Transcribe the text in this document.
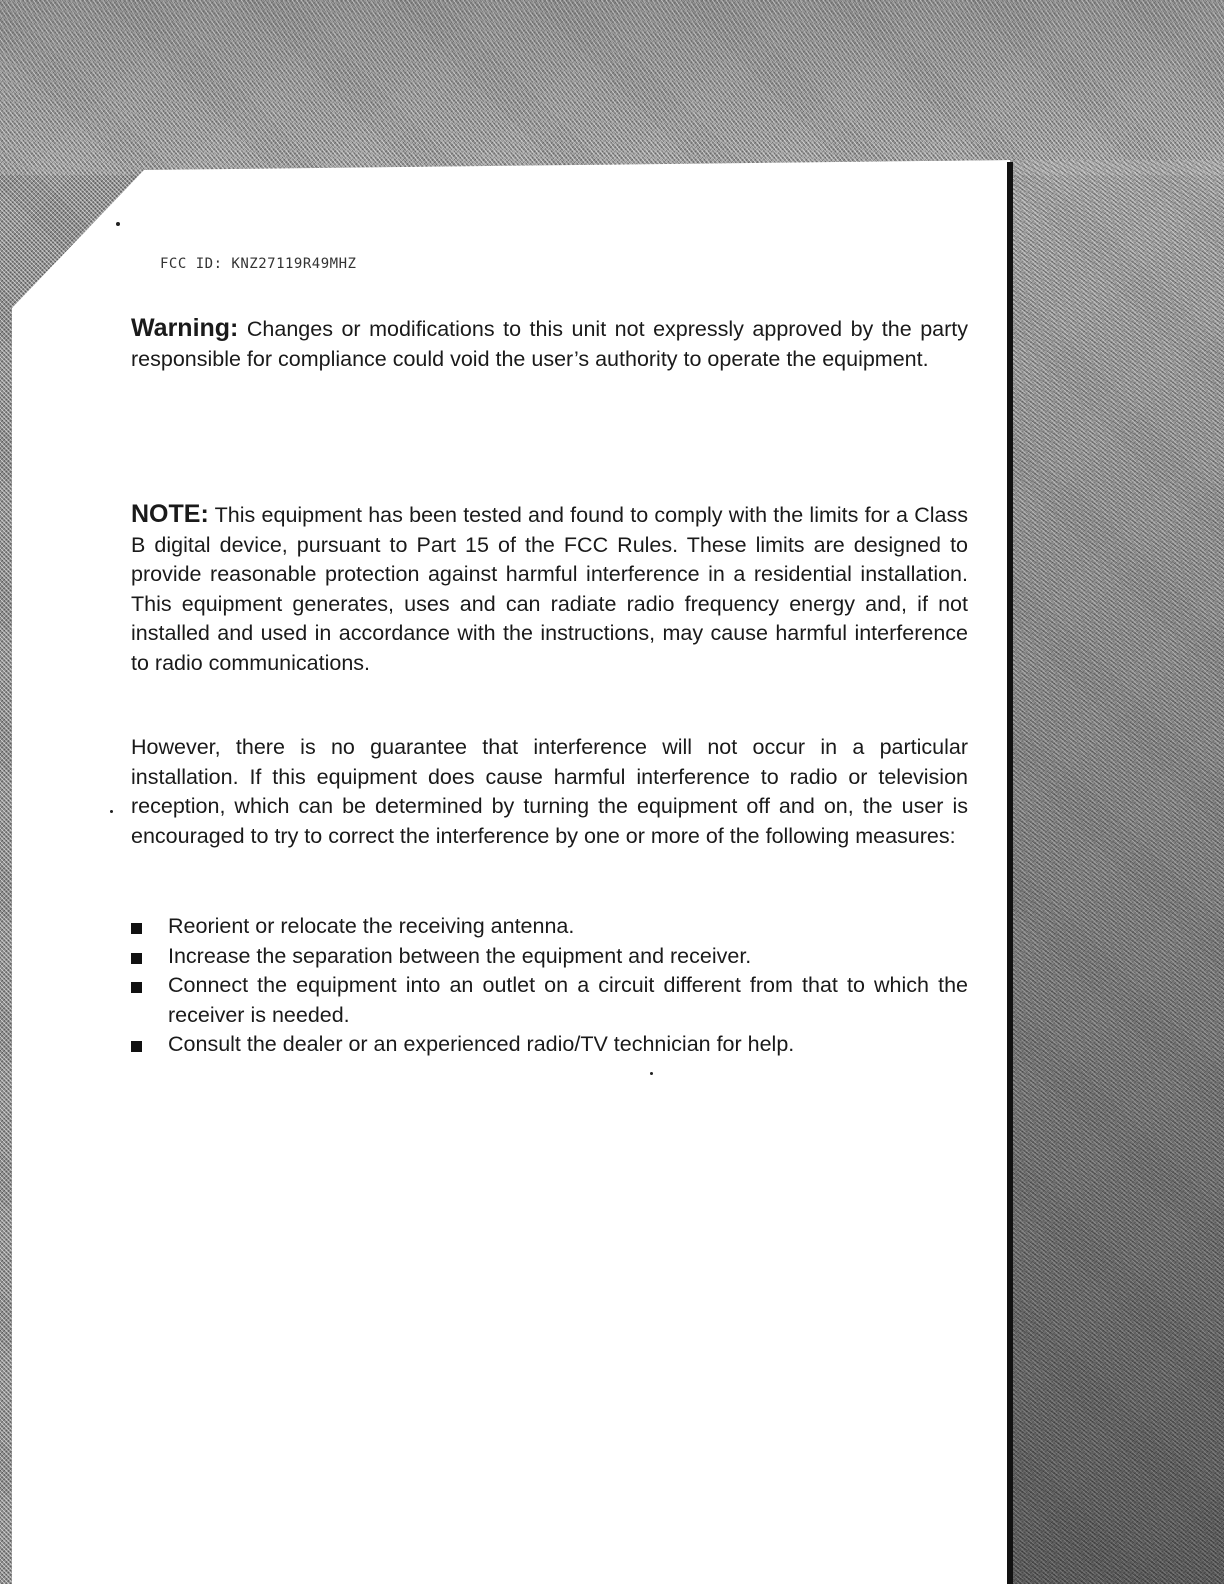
FCC ID: KNZ27119R49MHZ

Warning: Changes or modifications to this unit not expressly approved by the party responsible for compliance could void the user’s authority to operate the equipment.

NOTE: This equipment has been tested and found to comply with the limits for a Class B digital device, pursuant to Part 15 of the FCC Rules. These limits are designed to provide reasonable protection against harmful interference in a residential installation. This equipment generates, uses and can radiate radio frequency energy and, if not installed and used in accordance with the instructions, may cause harmful interference to radio communications.

However, there is no guarantee that interference will not occur in a particular installation. If this equipment does cause harmful interference to radio or television reception, which can be determined by turning the equipment off and on, the user is encouraged to try to correct the interference by one or more of the following measures:

Reorient or relocate the receiving antenna.
Increase the separation between the equipment and receiver.
Connect the equipment into an outlet on a circuit different from that to which the receiver is needed.
Consult the dealer or an experienced radio/TV technician for help.
